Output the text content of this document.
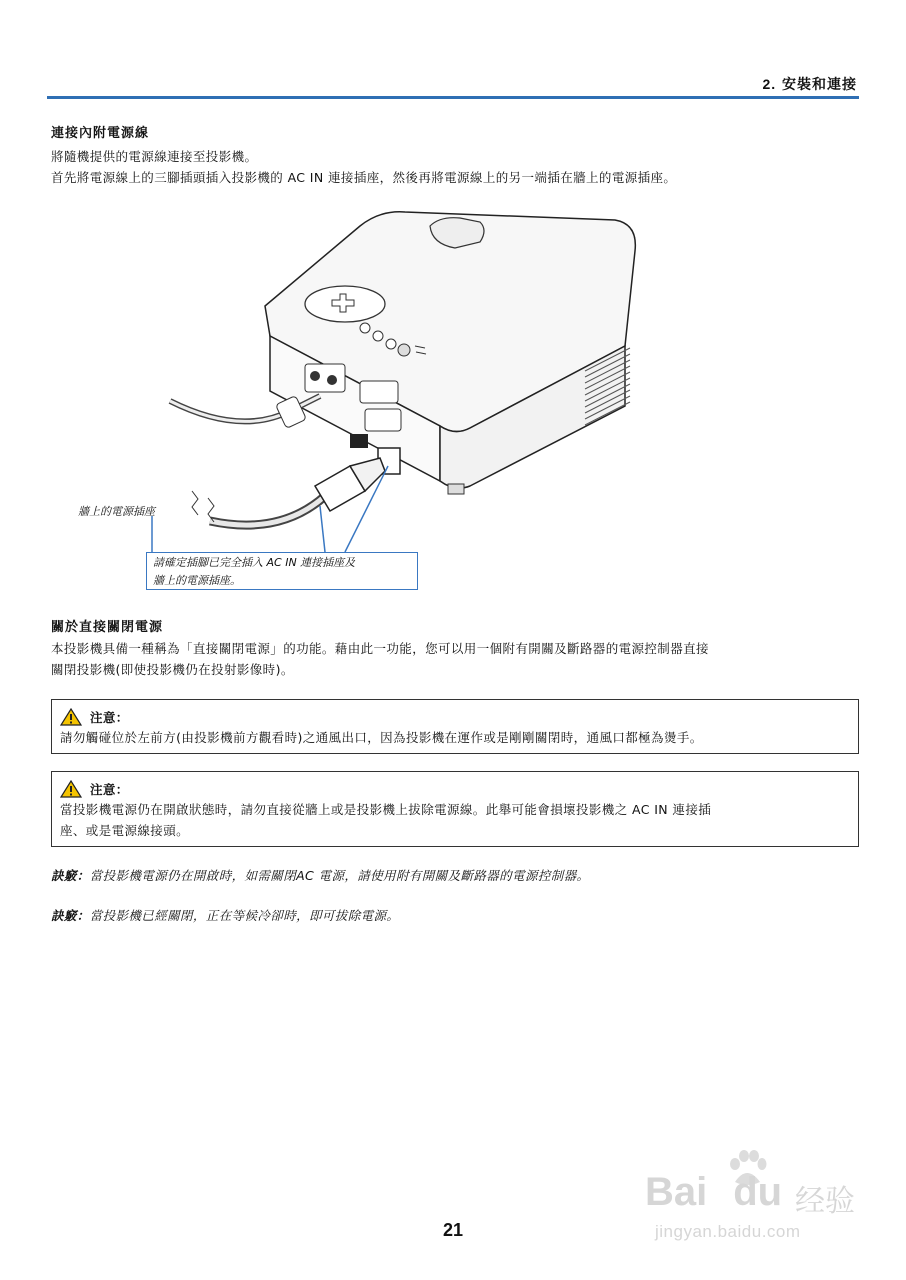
2. 安裝和連接
連接內附電源線

將隨機提供的電源線連接至投影機。

首先將電源線上的三腳插頭插入投影機的 AC IN 連接插座，然後再將電源線上的另一端插在牆上的電源插座。

牆上的電源插座
請確定插腳已完全插入 AC IN 連接插座及
牆上的電源插座。
關於直接關閉電源

本投影機具備一種稱為「直接關閉電源」的功能。藉由此一功能，您可以用一個附有開關及斷路器的電源控制器直接

關閉投影機(即使投影機仍在投射影像時)。

注意：
請勿觸碰位於左前方(由投影機前方觀看時)之通風出口，因為投影機在運作或是剛剛關閉時，通風口都極為燙手。
注意：
當投影機電源仍在開啟狀態時，請勿直接從牆上或是投影機上拔除電源線。此舉可能會損壞投影機之 AC IN 連接插
座、或是電源線接頭。
訣竅：當投影機電源仍在開啟時，如需關閉AC 電源，請使用附有開關及斷路器的電源控制器。
訣竅：當投影機已經關閉，正在等候冷卻時，即可拔除電源。
Bai du 经验
jingyan.baidu.com
21
